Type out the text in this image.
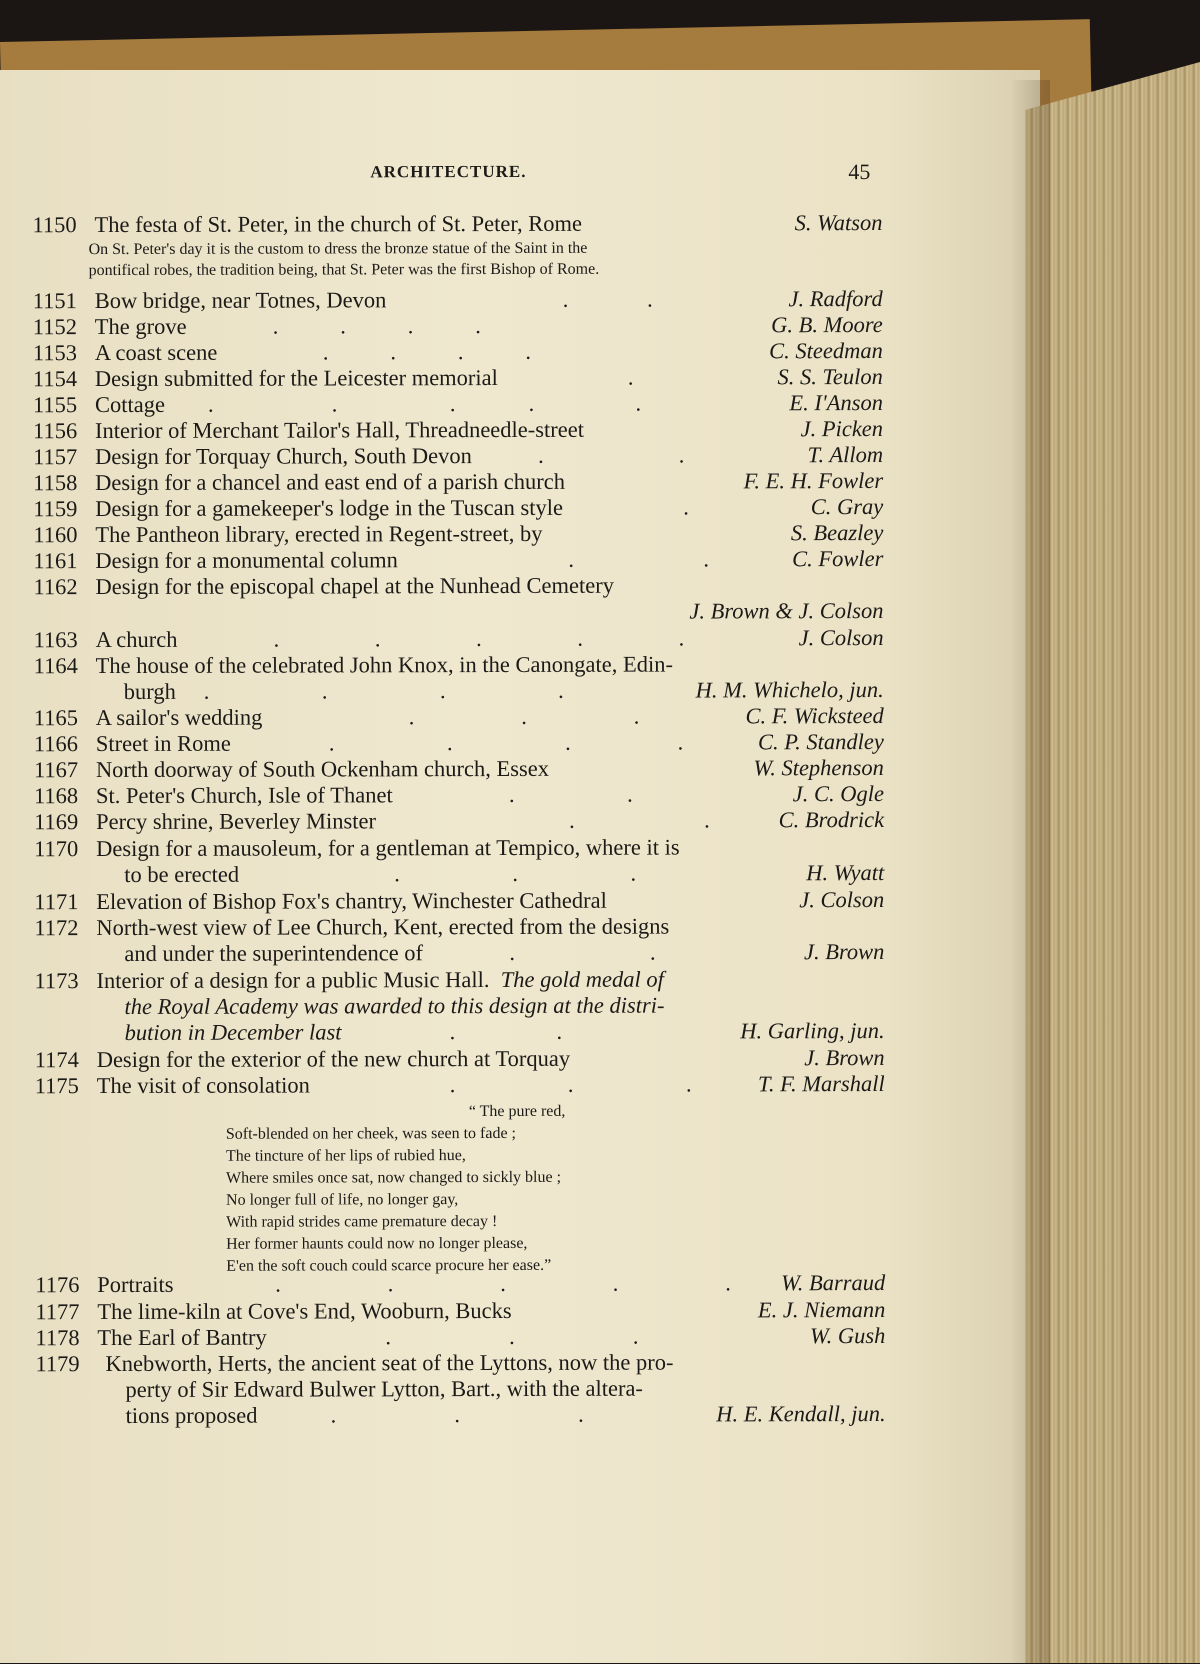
ARCHITECTURE.	45
1150 The festa of St. Peter, in the church of St. Peter, Rome	S. Watson
On St. Peter's day it is the custom to dress the bronze statue of the Saint in the
pontifical robes, the tradition being, that St. Peter was the first Bishop of Rome.
1151 Bow bridge, near Totnes, Devon	.              .	J. Radford
1152 The grove	.           .           .           .	G. B. Moore
1153 A coast scene	.           .           .           .	C. Steedman
1154 Design submitted for the Leicester memorial	.	S. S. Teulon
1155 Cottage .                     .                    .             .                  .	E. I'Anson
1156 Interior of Merchant Tailor's Hall, Threadneedle-street	J. Picken
1157 Design for Torquay Church, South Devon	.                        .	T. Allom
1158 Design for a chancel and east end of a parish church	F. E. H. Fowler
1159 Design for a gamekeeper's lodge in the Tuscan style	.	C. Gray
1160 The Pantheon library, erected in Regent-street, by	S. Beazley
1161 Design for a monumental column	.                       .	C. Fowler
1162 Design for the episcopal chapel at the Nunhead Cemetery
J. Brown & J. Colson
1163 A church	.                 .                 .                 .                 .	J. Colson
1164 The house of the celebrated John Knox, in the Canongate, Edin-
burgh .                    .                    .                    .	H. M. Whichelo, jun.
1165 A sailor's wedding	.                   .                   .	C. F. Wicksteed
1166 Street in Rome	.                    .                    .                   .	C. P. Standley
1167 North doorway of South Ockenham church, Essex	W. Stephenson
1168 St. Peter's Church, Isle of Thanet	.                    .	J. C. Ogle
1169 Percy shrine, Beverley Minster	.                       .	C. Brodrick
1170 Design for a mausoleum, for a gentleman at Tempico, where it is
to be erected	.                    .                    .	H. Wyatt
1171 Elevation of Bishop Fox's chantry, Winchester Cathedral	J. Colson
1172 North-west view of Lee Church, Kent, erected from the designs
and under the superintendence of	.                        .	J. Brown
1173 Interior of a design for a public Music Hall. The gold medal of
the Royal Academy was awarded to this design at the distri-
bution in December last	.                  .	H. Garling, jun.
1174 Design for the exterior of the new church at Torquay	J. Brown
1175 The visit of consolation	.                    .                    .	T. F. Marshall
“ The pure red,
Soft-blended on her cheek, was seen to fade ;
The tincture of her lips of rubied hue,
Where smiles once sat, now changed to sickly blue ;
No longer full of life, no longer gay,
With rapid strides came premature decay !
Her former haunts could now no longer please,
E'en the soft couch could scarce procure her ease.”
1176 Portraits	.                   .                   .                   .                   . W. Barraud
1177 The lime-kiln at Cove's End, Wooburn, Bucks	E. J. Niemann
1178 The Earl of Bantry	.                     .                     .	W. Gush
1179	Knebworth, Herts, the ancient seat of the Lyttons, now the pro-
perty of Sir Edward Bulwer Lytton, Bart., with the altera-
tions proposed	.                     .                     .	H. E. Kendall, jun.
